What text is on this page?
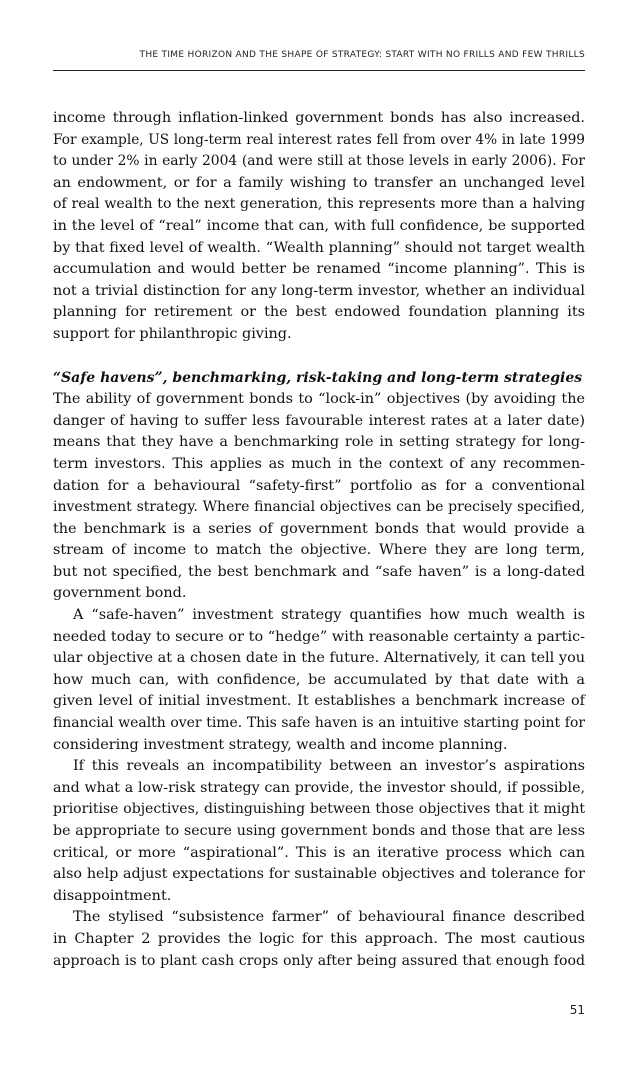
THE TIME HORIZON AND THE SHAPE OF STRATEGY: START WITH NO FRILLS AND FEW THRILLS
income through inflation-linked government bonds has also increased.
For example, US long-term real interest rates fell from over 4% in late 1999
to under 2% in early 2004 (and were still at those levels in early 2006). For
an endowment, or for a family wishing to transfer an unchanged level
of real wealth to the next generation, this represents more than a halving
in the level of “real” income that can, with full confidence, be supported
by that fixed level of wealth. “Wealth planning” should not target wealth
accumulation and would better be renamed “income planning”. This is
not a trivial distinction for any long-term investor, whether an individual
planning for retirement or the best endowed foundation planning its
support for philanthropic giving.
“Safe havens”, benchmarking, risk-taking and long-term strategies
The ability of government bonds to “lock-in” objectives (by avoiding the
danger of having to suffer less favourable interest rates at a later date)
means that they have a benchmarking role in setting strategy for long-
term investors. This applies as much in the context of any recommen-
dation for a behavioural “safety-first” portfolio as for a conventional
investment strategy. Where financial objectives can be precisely specified,
the benchmark is a series of government bonds that would provide a
stream of income to match the objective. Where they are long term,
but not specified, the best benchmark and “safe haven” is a long-dated
government bond.
A “safe-haven” investment strategy quantifies how much wealth is
needed today to secure or to “hedge” with reasonable certainty a partic-
ular objective at a chosen date in the future. Alternatively, it can tell you
how much can, with confidence, be accumulated by that date with a
given level of initial investment. It establishes a benchmark increase of
financial wealth over time. This safe haven is an intuitive starting point for
considering investment strategy, wealth and income planning.
If this reveals an incompatibility between an investor’s aspirations
and what a low-risk strategy can provide, the investor should, if possible,
prioritise objectives, distinguishing between those objectives that it might
be appropriate to secure using government bonds and those that are less
critical, or more “aspirational”. This is an iterative process which can
also help adjust expectations for sustainable objectives and tolerance for
disappointment.
The stylised “subsistence farmer” of behavioural finance described
in Chapter 2 provides the logic for this approach. The most cautious
approach is to plant cash crops only after being assured that enough food
51
